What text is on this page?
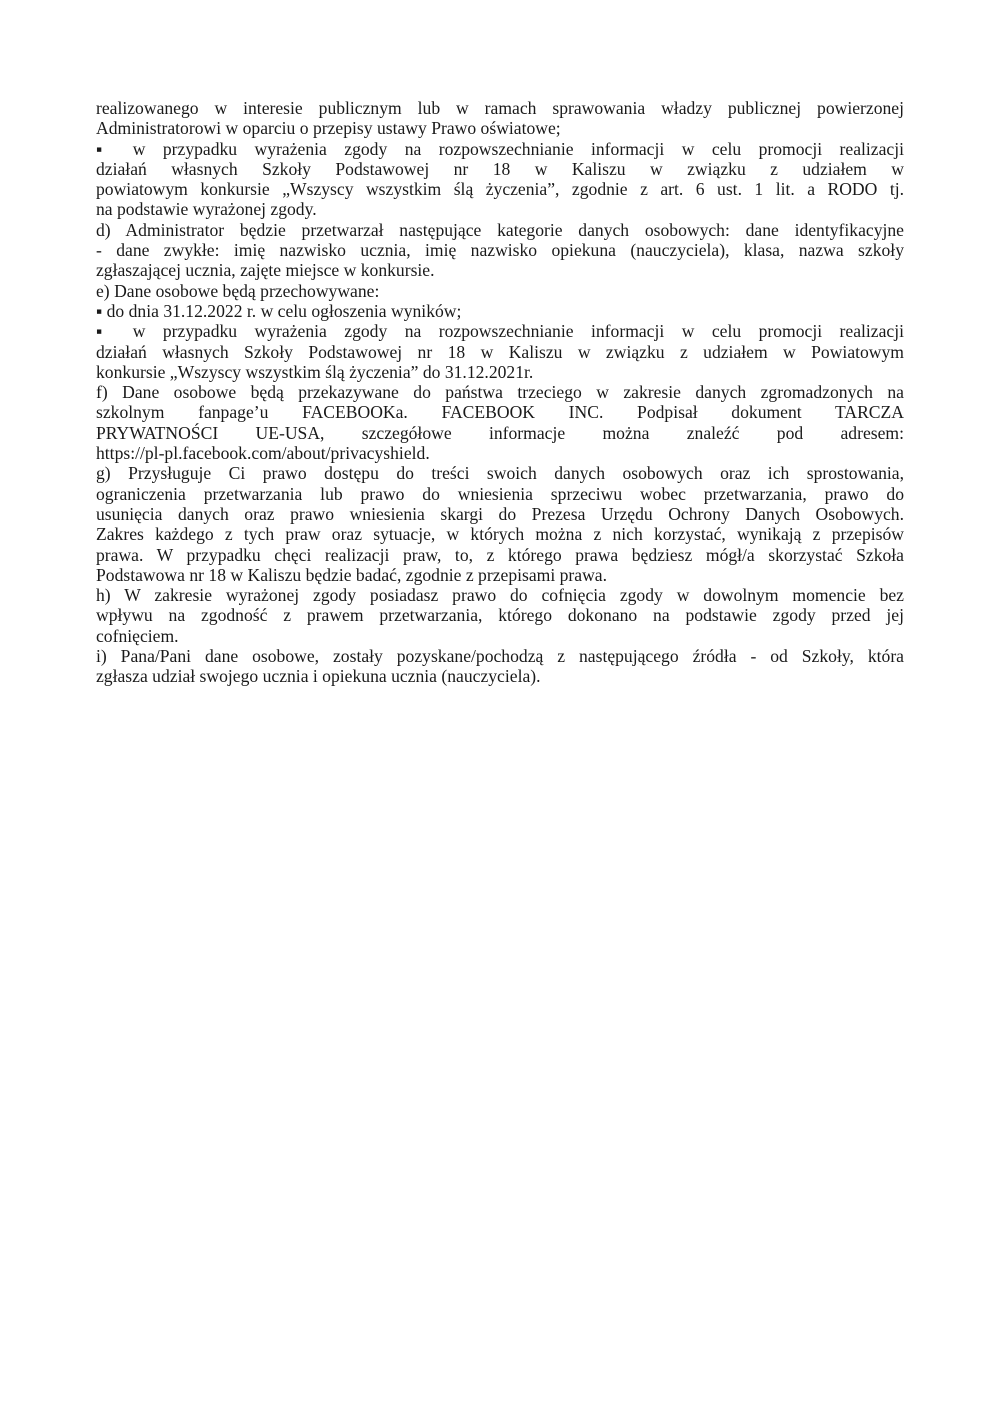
realizowanego w interesie publicznym lub w ramach sprawowania władzy publicznej powierzonej
Administratorowi w oparciu o przepisy ustawy Prawo oświatowe;
▪ w przypadku wyrażenia zgody na rozpowszechnianie informacji w celu promocji realizacji
działań własnych Szkoły Podstawowej nr 18 w Kaliszu w związku z udziałem w
powiatowym konkursie „Wszyscy wszystkim ślą życzenia”, zgodnie z art. 6 ust. 1 lit. a RODO tj.
na podstawie wyrażonej zgody.
d) Administrator będzie przetwarzał następujące kategorie danych osobowych: dane identyfikacyjne
- dane zwykłe: imię nazwisko ucznia, imię nazwisko opiekuna (nauczyciela), klasa, nazwa szkoły
zgłaszającej ucznia, zajęte miejsce w konkursie.
e) Dane osobowe będą przechowywane:
▪ do dnia 31.12.2022 r. w celu ogłoszenia wyników;
▪ w przypadku wyrażenia zgody na rozpowszechnianie informacji w celu promocji realizacji
działań własnych Szkoły Podstawowej nr 18 w Kaliszu w związku z udziałem w Powiatowym
konkursie „Wszyscy wszystkim ślą życzenia” do 31.12.2021r.
f) Dane osobowe będą przekazywane do państwa trzeciego w zakresie danych zgromadzonych na
szkolnym fanpage’u FACEBOOKa. FACEBOOK INC. Podpisał dokument TARCZA
PRYWATNOŚCI UE-USA, szczegółowe informacje można znaleźć pod adresem:
https://pl-pl.facebook.com/about/privacyshield.
g) Przysługuje Ci prawo dostępu do treści swoich danych osobowych oraz ich sprostowania,
ograniczenia przetwarzania lub prawo do wniesienia sprzeciwu wobec przetwarzania, prawo do
usunięcia danych oraz prawo wniesienia skargi do Prezesa Urzędu Ochrony Danych Osobowych.
Zakres każdego z tych praw oraz sytuacje, w których można z nich korzystać, wynikają z przepisów
prawa. W przypadku chęci realizacji praw, to, z którego prawa będziesz mógł/a skorzystać Szkoła
Podstawowa nr 18 w Kaliszu będzie badać, zgodnie z przepisami prawa.
h) W zakresie wyrażonej zgody posiadasz prawo do cofnięcia zgody w dowolnym momencie bez
wpływu na zgodność z prawem przetwarzania, którego dokonano na podstawie zgody przed jej
cofnięciem.
i) Pana/Pani dane osobowe, zostały pozyskane/pochodzą z następującego źródła - od Szkoły, która
zgłasza udział swojego ucznia i opiekuna ucznia (nauczyciela).
